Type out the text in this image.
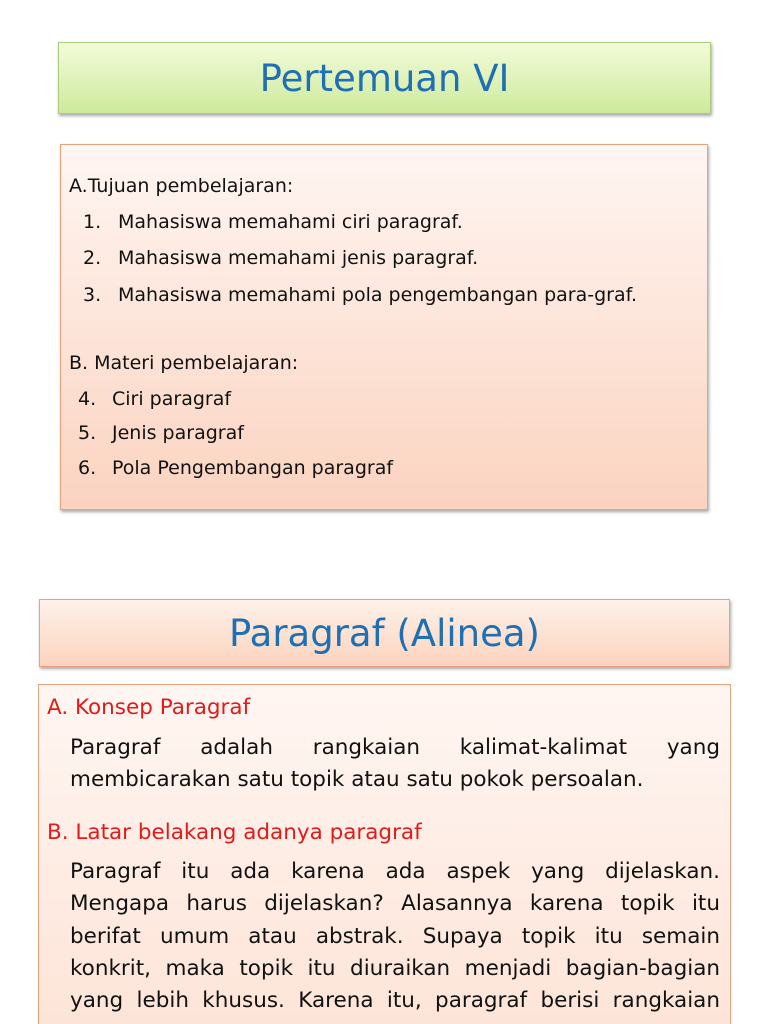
Pertemuan VI
A.Tujuan pembelajaran:
1. Mahasiswa memahami ciri paragraf.
2. Mahasiswa memahami jenis paragraf.
3. Mahasiswa memahami pola pengembangan para-graf.
B. Materi pembelajaran:
4. Ciri paragraf
5. Jenis paragraf
6. Pola Pengembangan paragraf
Paragraf (Alinea)
A. Konsep Paragraf
Paragraf adalah rangkaian kalimat-kalimat yang
membicarakan satu topik atau satu pokok persoalan.
B. Latar belakang adanya paragraf
Paragraf itu ada karena ada aspek yang dijelaskan.
Mengapa harus dijelaskan? Alasannya karena topik itu
berifat umum atau abstrak. Supaya topik itu semain
konkrit, maka topik itu diuraikan menjadi bagian-bagian
yang lebih khusus. Karena itu, paragraf berisi rangkaian
